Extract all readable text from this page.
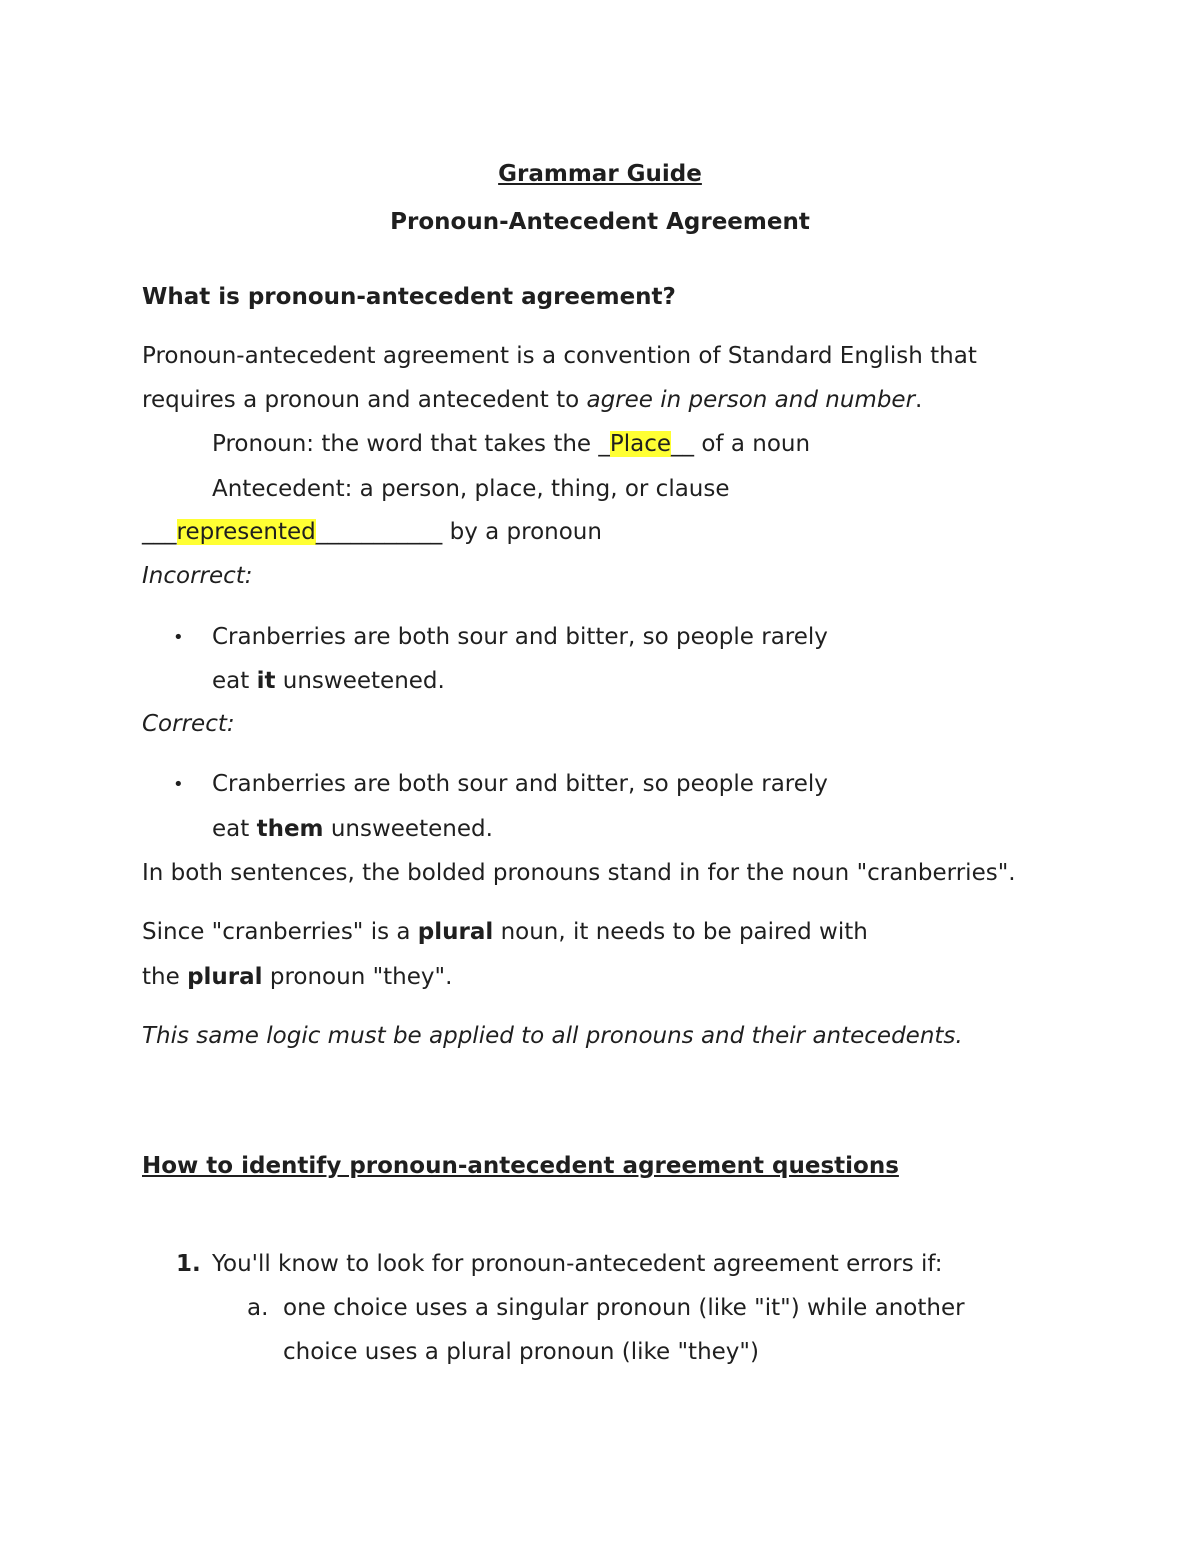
Grammar Guide
Pronoun-Antecedent Agreement
What is pronoun-antecedent agreement?
Pronoun-antecedent agreement is a convention of Standard English that
requires a pronoun and antecedent to agree in person and number.
Pronoun: the word that takes the _Place__ of a noun
Antecedent: a person, place, thing, or clause
___represented___________ by a pronoun
Incorrect:
• Cranberries are both sour and bitter, so people rarely
eat it unsweetened.
Correct:
• Cranberries are both sour and bitter, so people rarely
eat them unsweetened.
In both sentences, the bolded pronouns stand in for the noun "cranberries".
Since "cranberries" is a plural noun, it needs to be paired with
the plural pronoun "they".
This same logic must be applied to all pronouns and their antecedents.
How to identify pronoun-antecedent agreement questions
1. You'll know to look for pronoun-antecedent agreement errors if:
a. one choice uses a singular pronoun (like "it") while another
choice uses a plural pronoun (like "they")
